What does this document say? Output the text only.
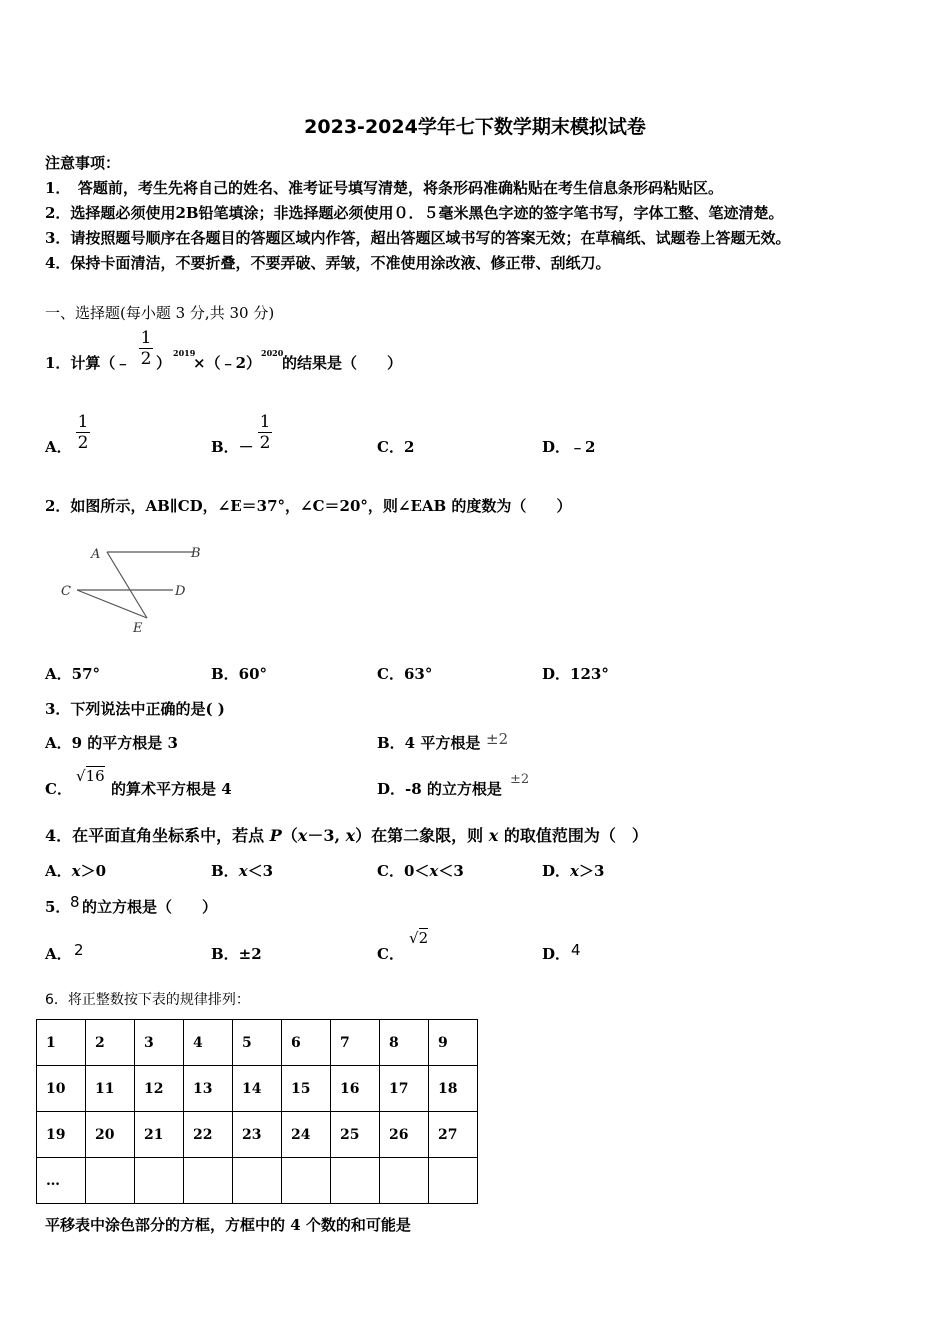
2023-2024学年七下数学期末模拟试卷
注意事项：
1．　答题前，考生先将自己的姓名、准考证号填写清楚，将条形码准确粘贴在考生信息条形码粘贴区。
2．选择题必须使用2B铅笔填涂；非选择题必须使用０．５毫米黑色字迹的签字笔书写，字体工整、笔迹清楚。
3．请按照题号顺序在各题目的答题区域内作答，超出答题区域书写的答案无效；在草稿纸、试题卷上答题无效。
4．保持卡面清洁，不要折叠，不要弄破、弄皱，不准使用涂改液、修正带、刮纸刀。
一、选择题(每小题 3 分,共 30 分)
1．计算（﹣
1
2 ）
2019
×（﹣2）
2020
的结果是（　　）
A．
1
2	B．－
1
2	C．2	D．﹣2
2．如图所示，AB∥CD，∠E＝37°，∠C＝20°，则∠EAB 的度数为（　　）
A	B
C	D
E
A．57°	B．60°	C．63°	D．123°
3．下列说法中正确的是( )
A．9 的平方根是 3	B．4 平方根是 ±2
C．
√16
的算术平方根是 4	D．-8 的立方根是
±2
4．在平面直角坐标系中，若点 P（x－3, x）在第二象限，则 x 的取值范围为（　）
A．x＞0	B．x＜3	C．0＜x＜3	D．x＞3
5． 8 的立方根是（　　）
A． 2	B．±2	C．
√2
D． 4
6．将正整数按下表的规律排列：
1	2	3	4	5	6	7	8	9
10	11	12	13	14	15	16	17	18
19	20	21	22	23	24	25	26	27
…								
平移表中涂色部分的方框，方框中的 4 个数的和可能是
